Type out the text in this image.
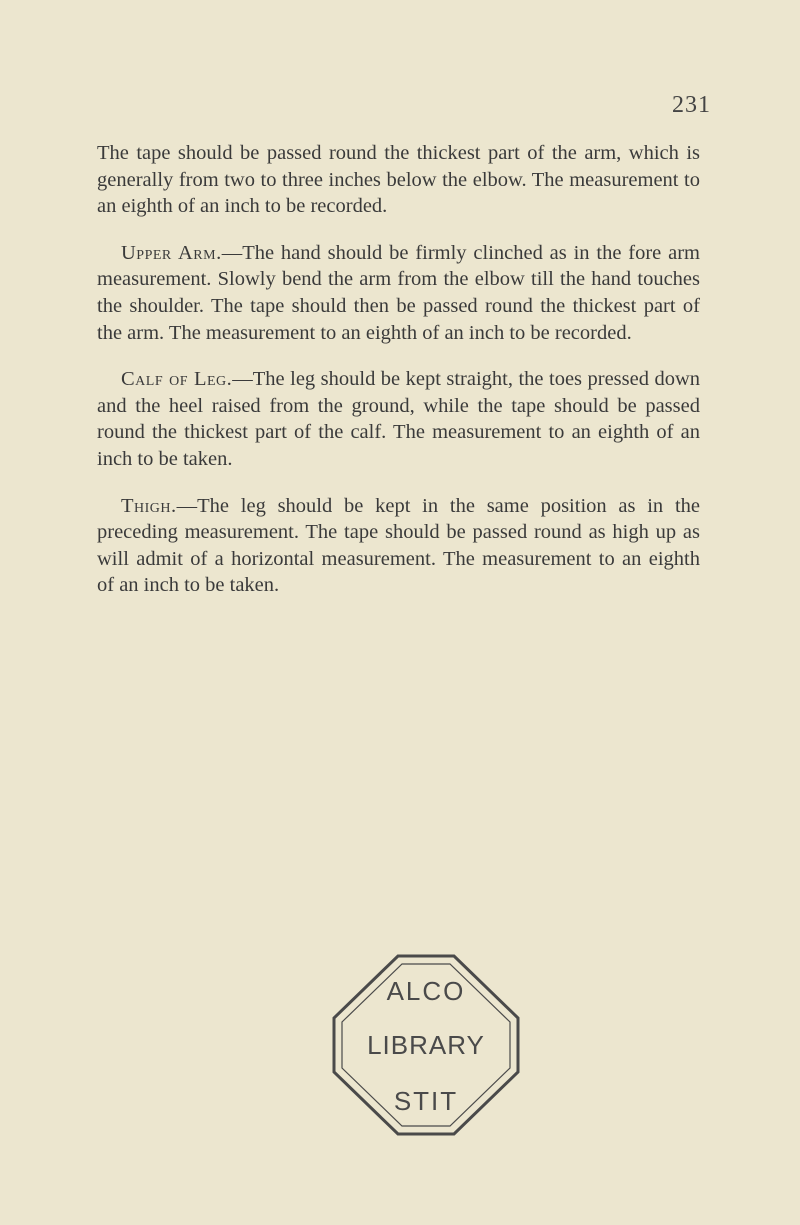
231

The tape should be passed round the thickest part of the arm, which is generally from two to three inches below the elbow. The measurement to an eighth of an inch to be recorded.

Upper Arm.—The hand should be firmly clinched as in the fore arm measurement. Slowly bend the arm from the elbow till the hand touches the shoulder. The tape should then be passed round the thickest part of the arm. The measurement to an eighth of an inch to be recorded.

Calf of Leg.—The leg should be kept straight, the toes pressed down and the heel raised from the ground, while the tape should be passed round the thickest part of the calf. The measurement to an eighth of an inch to be taken.

Thigh.—The leg should be kept in the same position as in the preceding measurement. The tape should be passed round as high up as will admit of a horizontal measurement. The measurement to an eighth of an inch to be taken.

ALCO
LIBRARY
STIT
